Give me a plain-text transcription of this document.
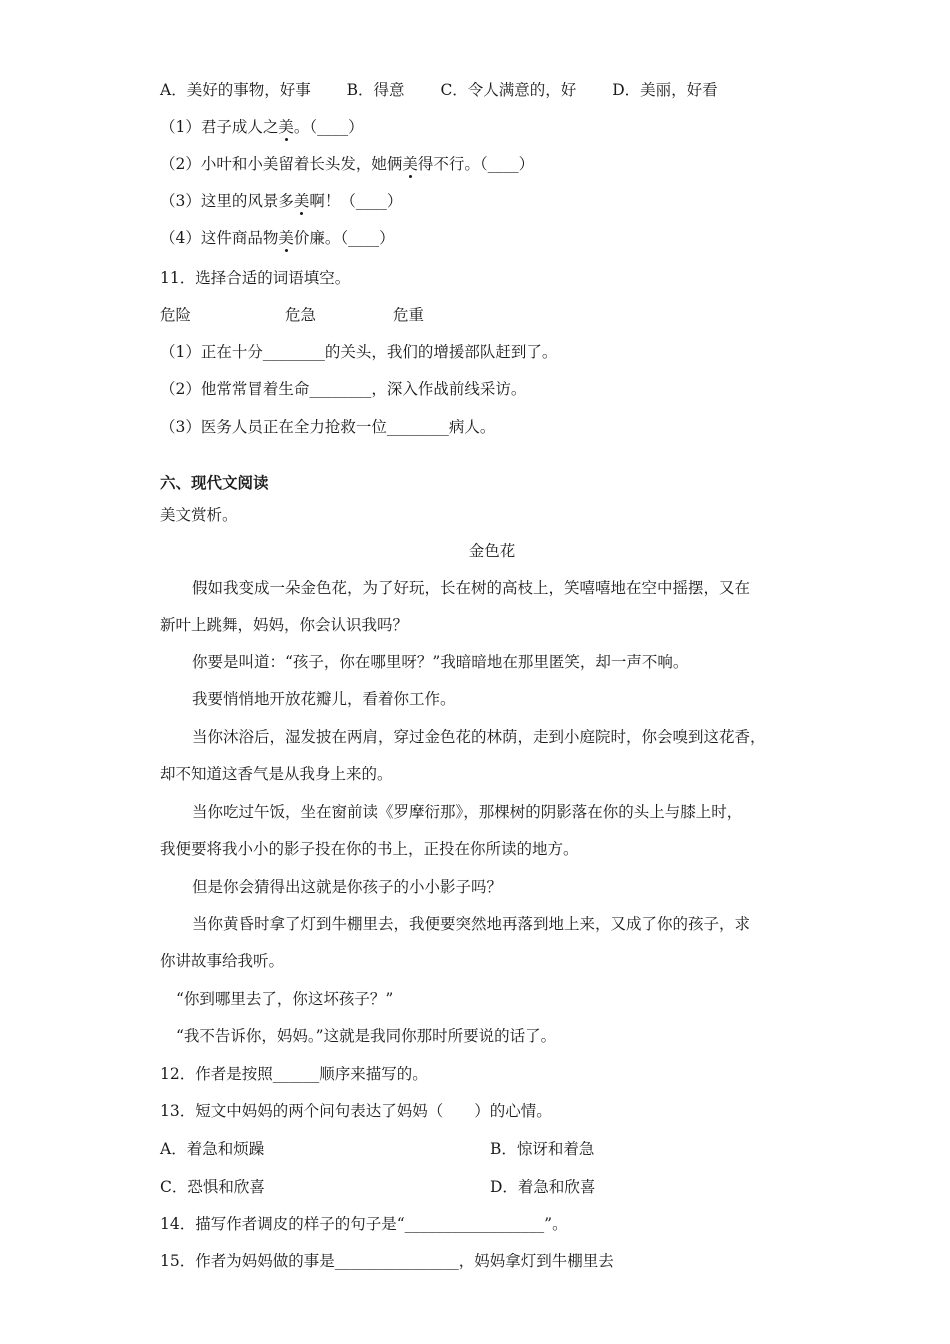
A．美好的事物，好事　　 B．得意　　 C．令人满意的，好　　 D．美丽，好看
（1）君子成人之美。（____）
（2）小叶和小美留着长头发，她俩美得不行。（____）
（3）这里的风景多美啊！（____）
（4）这件商品物美价廉。（____）
11．选择合适的词语填空。
危险	危急	危重
（1）正在十分________的关头，我们的增援部队赶到了。
（2）他常常冒着生命________，深入作战前线采访。
（3）医务人员正在全力抢救一位________病人。
六、现代文阅读
美文赏析。
金色花
假如我变成一朵金色花，为了好玩，长在树的高枝上，笑嘻嘻地在空中摇摆，又在
新叶上跳舞，妈妈，你会认识我吗？
你要是叫道：“孩子，你在哪里呀？”我暗暗地在那里匿笑，却一声不响。
我要悄悄地开放花瓣儿，看着你工作。
当你沐浴后，湿发披在两肩，穿过金色花的林荫，走到小庭院时，你会嗅到这花香，
却不知道这香气是从我身上来的。
当你吃过午饭，坐在窗前读《罗摩衍那》，那棵树的阴影落在你的头上与膝上时，
我便要将我小小的影子投在你的书上，正投在你所读的地方。
但是你会猜得出这就是你孩子的小小影子吗？
当你黄昏时拿了灯到牛棚里去，我便要突然地再落到地上来，又成了你的孩子，求
你讲故事给我听。
“你到哪里去了，你这坏孩子？”
“我不告诉你，妈妈。”这就是我同你那时所要说的话了。
12．作者是按照______顺序来描写的。
13．短文中妈妈的两个问句表达了妈妈（　　）的心情。
A．着急和烦躁	B．惊讶和着急
C．恐惧和欣喜	D．着急和欣喜
14．描写作者调皮的样子的句子是“__________________”。
15．作者为妈妈做的事是________________，妈妈拿灯到牛棚里去
